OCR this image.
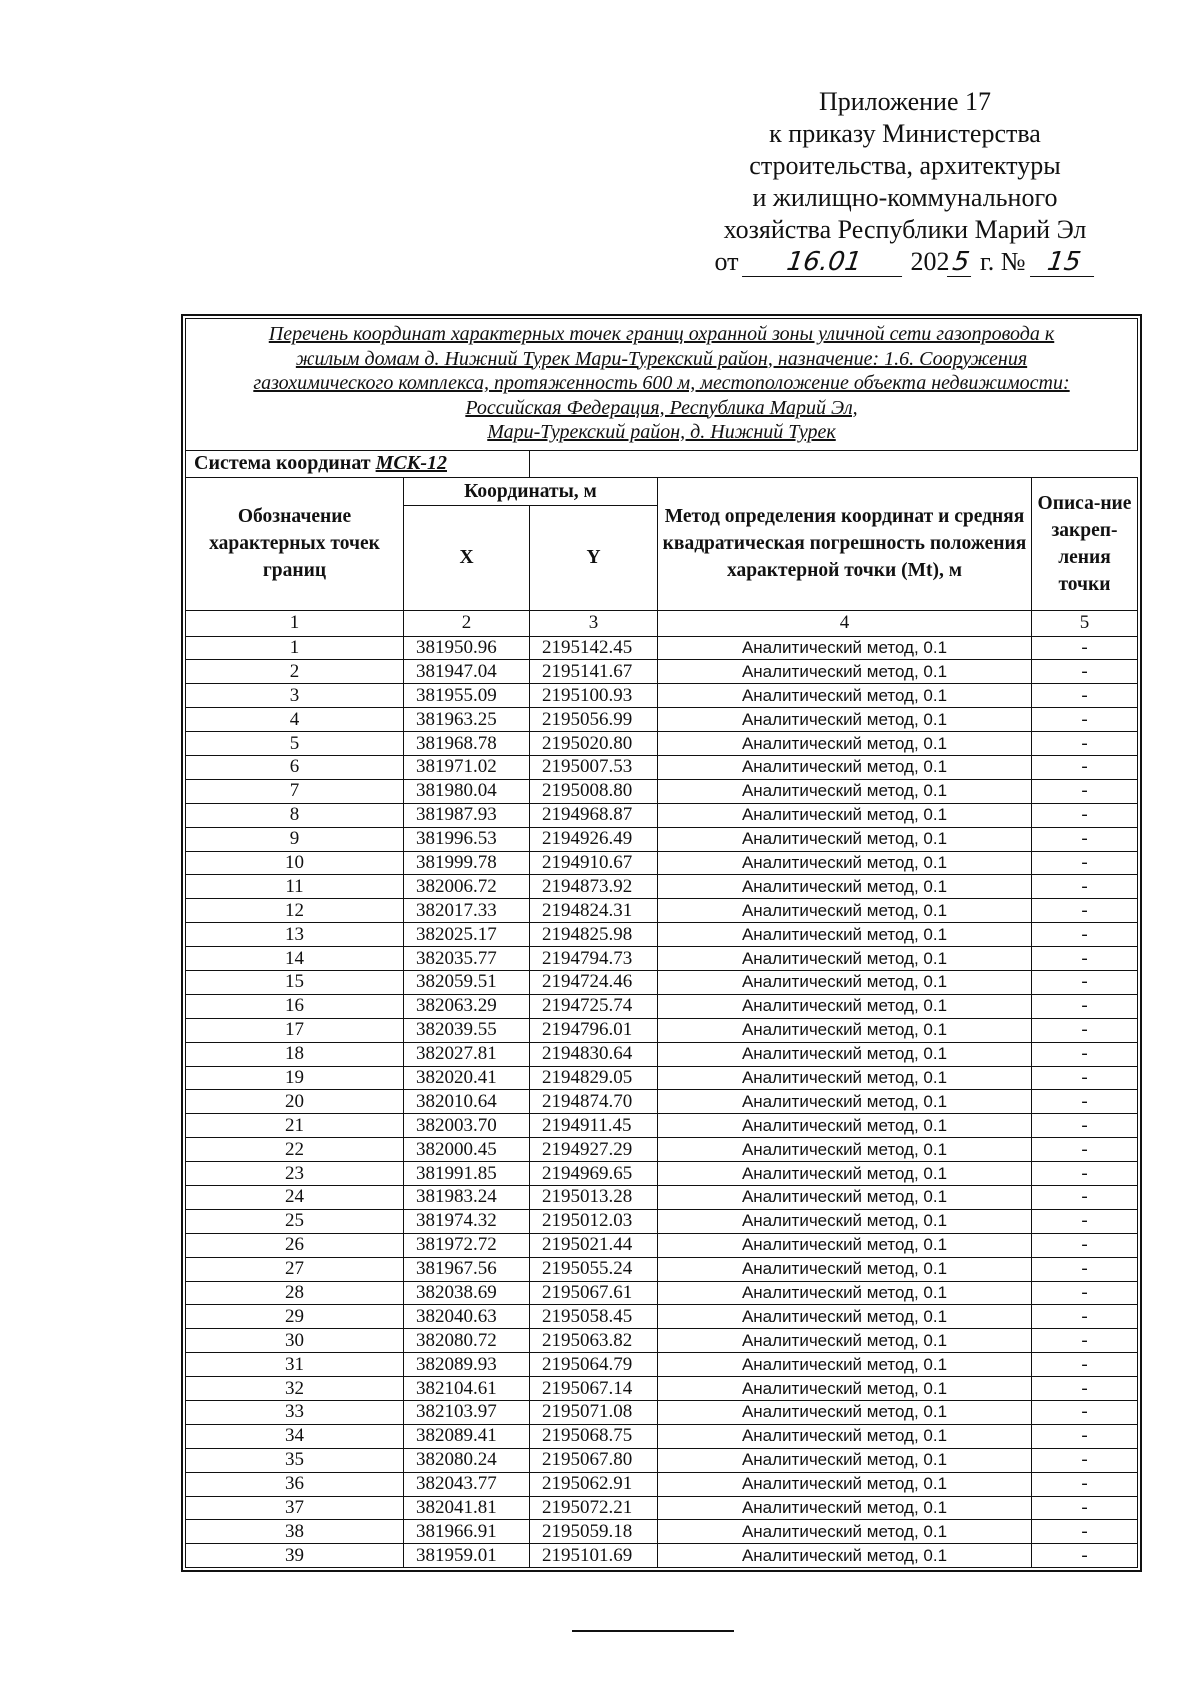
Приложение 17
к приказу Министерства
строительства, архитектуры
и жилищно-коммунального
хозяйства Республики Марий Эл
от 16.01 2025 г. № 15
Перечень координат характерных точек границ охранной зоны уличной сети газопровода к
жилым домам д. Нижний Турек Мари-Турекский район, назначение: 1.6. Сооружения
газохимического комплекса, протяженность 600 м, местоположение объекта недвижимости:
Российская Федерация, Республика Марий Эл,
Мари-Турекский район, д. Нижний Турек				

Система координат МСК-12				
Обозначение характерных точек границ	Координаты, м		Метод определения координат и средняя квадратическая погрешность положения характерной точки (Mt), м	Описа-ние закреп-ления точки
	X	Y		
1	2	3	4	5
1	381950.96	2195142.45	Аналитический метод, 0.1	-
2	381947.04	2195141.67	Аналитический метод, 0.1	-
3	381955.09	2195100.93	Аналитический метод, 0.1	-
4	381963.25	2195056.99	Аналитический метод, 0.1	-
5	381968.78	2195020.80	Аналитический метод, 0.1	-
6	381971.02	2195007.53	Аналитический метод, 0.1	-
7	381980.04	2195008.80	Аналитический метод, 0.1	-
8	381987.93	2194968.87	Аналитический метод, 0.1	-
9	381996.53	2194926.49	Аналитический метод, 0.1	-
10	381999.78	2194910.67	Аналитический метод, 0.1	-
11	382006.72	2194873.92	Аналитический метод, 0.1	-
12	382017.33	2194824.31	Аналитический метод, 0.1	-
13	382025.17	2194825.98	Аналитический метод, 0.1	-
14	382035.77	2194794.73	Аналитический метод, 0.1	-
15	382059.51	2194724.46	Аналитический метод, 0.1	-
16	382063.29	2194725.74	Аналитический метод, 0.1	-
17	382039.55	2194796.01	Аналитический метод, 0.1	-
18	382027.81	2194830.64	Аналитический метод, 0.1	-
19	382020.41	2194829.05	Аналитический метод, 0.1	-
20	382010.64	2194874.70	Аналитический метод, 0.1	-
21	382003.70	2194911.45	Аналитический метод, 0.1	-
22	382000.45	2194927.29	Аналитический метод, 0.1	-
23	381991.85	2194969.65	Аналитический метод, 0.1	-
24	381983.24	2195013.28	Аналитический метод, 0.1	-
25	381974.32	2195012.03	Аналитический метод, 0.1	-
26	381972.72	2195021.44	Аналитический метод, 0.1	-
27	381967.56	2195055.24	Аналитический метод, 0.1	-
28	382038.69	2195067.61	Аналитический метод, 0.1	-
29	382040.63	2195058.45	Аналитический метод, 0.1	-
30	382080.72	2195063.82	Аналитический метод, 0.1	-
31	382089.93	2195064.79	Аналитический метод, 0.1	-
32	382104.61	2195067.14	Аналитический метод, 0.1	-
33	382103.97	2195071.08	Аналитический метод, 0.1	-
34	382089.41	2195068.75	Аналитический метод, 0.1	-
35	382080.24	2195067.80	Аналитический метод, 0.1	-
36	382043.77	2195062.91	Аналитический метод, 0.1	-
37	382041.81	2195072.21	Аналитический метод, 0.1	-
38	381966.91	2195059.18	Аналитический метод, 0.1	-
39	381959.01	2195101.69	Аналитический метод, 0.1	-
